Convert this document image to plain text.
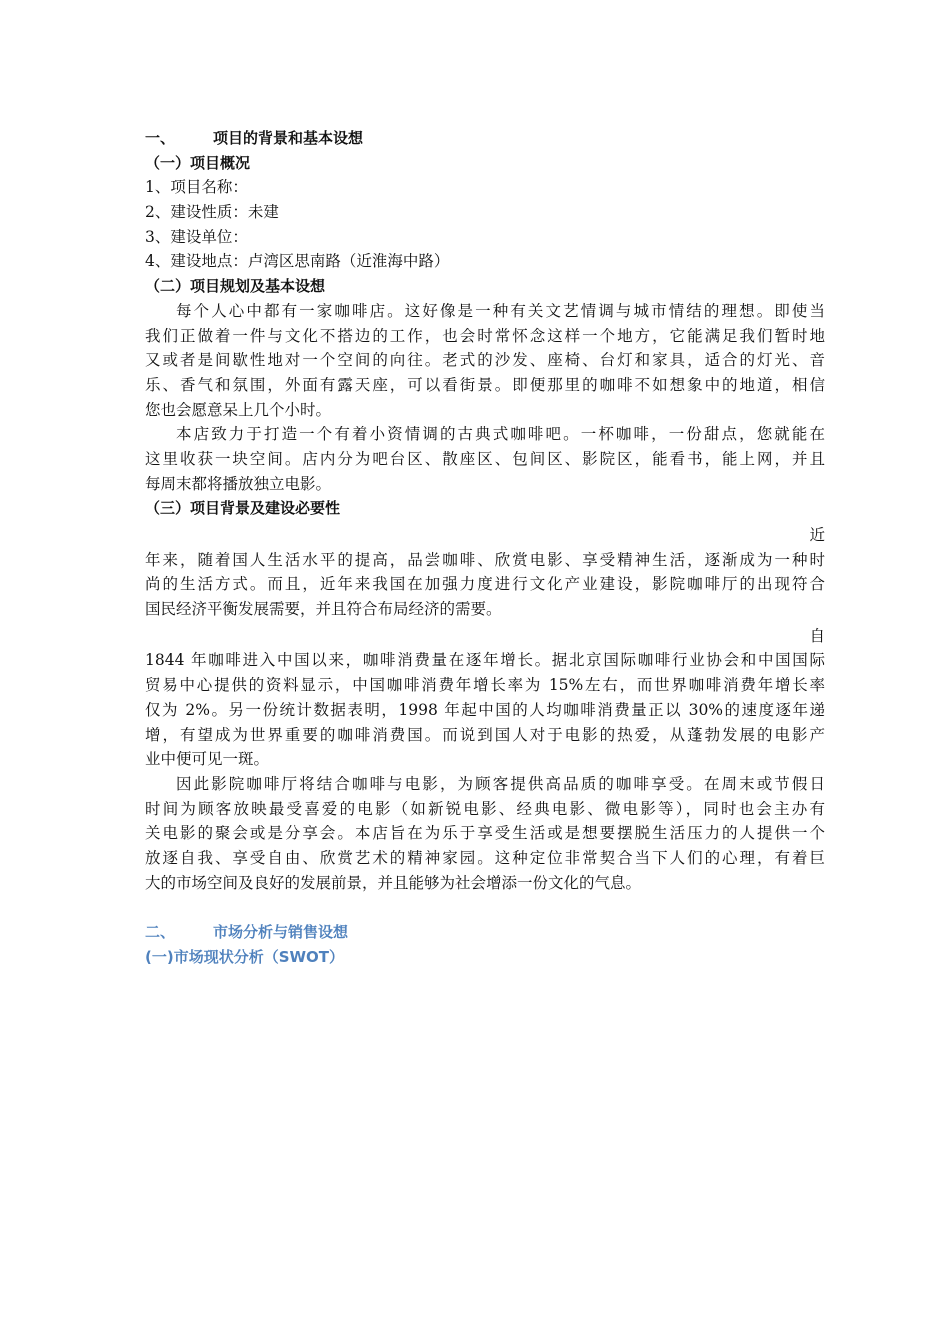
一、	项目的背景和基本设想
（一）项目概况
1、项目名称：
2、建设性质：未建
3、建设单位：
4、建设地点：卢湾区思南路（近淮海中路）
（二）项目规划及基本设想
每个人心中都有一家咖啡店。这好像是一种有关文艺情调与城市情结的理想。即使当
我们正做着一件与文化不搭边的工作，也会时常怀念这样一个地方，它能满足我们暂时地
又或者是间歇性地对一个空间的向往。老式的沙发、座椅、台灯和家具，适合的灯光、音
乐、香气和氛围，外面有露天座，可以看街景。即便那里的咖啡不如想象中的地道，相信
您也会愿意呆上几个小时。
本店致力于打造一个有着小资情调的古典式咖啡吧。一杯咖啡，一份甜点，您就能在
这里收获一块空间。店内分为吧台区、散座区、包间区、影院区，能看书，能上网，并且
每周末都将播放独立电影。
（三）项目背景及建设必要性
近
年来，随着国人生活水平的提高，品尝咖啡、欣赏电影、享受精神生活，逐渐成为一种时
尚的生活方式。而且，近年来我国在加强力度进行文化产业建设，影院咖啡厅的出现符合
国民经济平衡发展需要，并且符合布局经济的需要。
自
1844 年咖啡进入中国以来，咖啡消费量在逐年增长。据北京国际咖啡行业协会和中国国际
贸易中心提供的资料显示，中国咖啡消费年增长率为 15%左右，而世界咖啡消费年增长率
仅为 2%。另一份统计数据表明，1998 年起中国的人均咖啡消费量正以 30%的速度逐年递
增，有望成为世界重要的咖啡消费国。而说到国人对于电影的热爱，从蓬勃发展的电影产
业中便可见一斑。
因此影院咖啡厅将结合咖啡与电影，为顾客提供高品质的咖啡享受。在周末或节假日
时间为顾客放映最受喜爱的电影（如新锐电影、经典电影、微电影等），同时也会主办有
关电影的聚会或是分享会。本店旨在为乐于享受生活或是想要摆脱生活压力的人提供一个
放逐自我、享受自由、欣赏艺术的精神家园。这种定位非常契合当下人们的心理，有着巨
大的市场空间及良好的发展前景，并且能够为社会增添一份文化的气息。
二、	市场分析与销售设想
(一)市场现状分析（SWOT）
